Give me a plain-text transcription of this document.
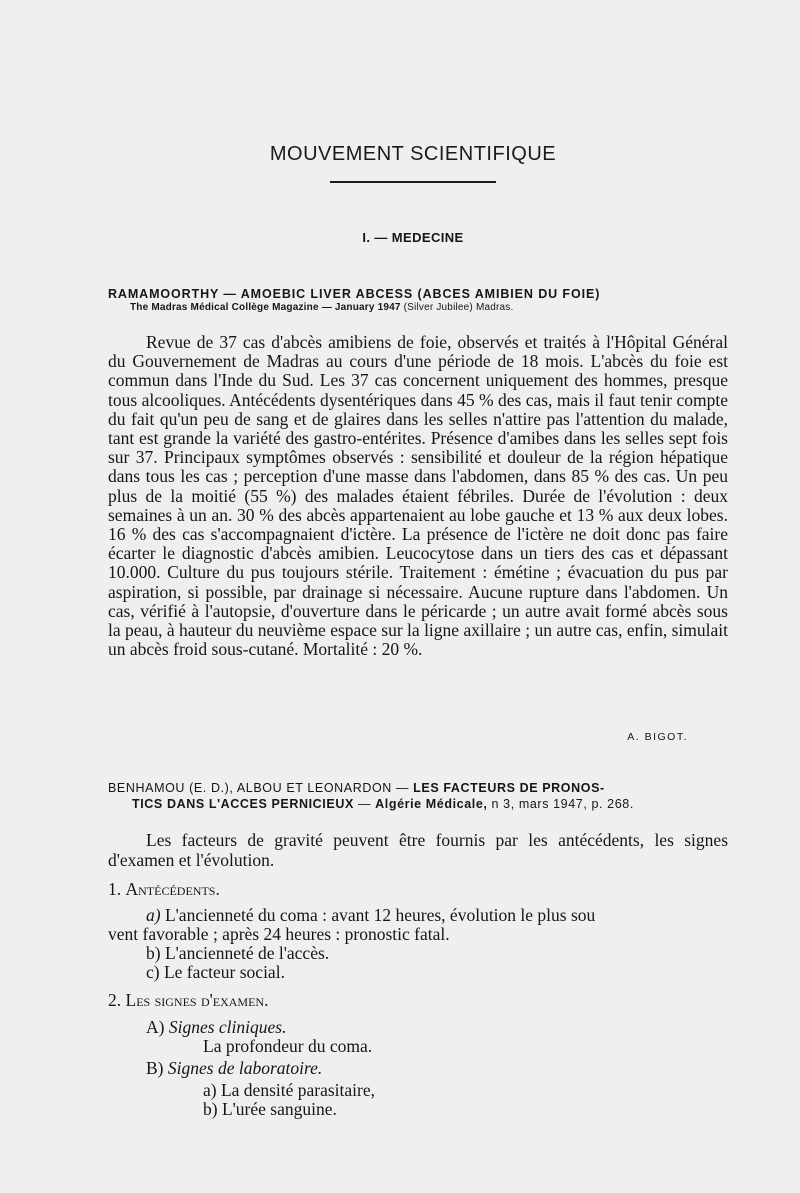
MOUVEMENT SCIENTIFIQUE
I. — MEDECINE
RAMAMOORTHY — AMOEBIC LIVER ABCESS (ABCES AMIBIEN DU FOIE)
The Madras Médical Collège Magazine — January 1947 (Silver Jubilee) Madras.
Revue de 37 cas d'abcès amibiens de foie, observés et traités à l'Hôpital Général du Gouvernement de Madras au cours d'une période de 18 mois. L'abcès du foie est commun dans l'Inde du Sud. Les 37 cas concernent uniquement des hommes, presque tous alcooliques. Antécédents dysentériques dans 45 % des cas, mais il faut tenir compte du fait qu'un peu de sang et de glaires dans les selles n'attire pas l'attention du malade, tant est grande la variété des gastro-entérites. Présence d'amibes dans les selles sept fois sur 37. Principaux symptômes observés : sensibilité et douleur de la région hépatique dans tous les cas ; perception d'une masse dans l'abdomen, dans 85 % des cas. Un peu plus de la moitié (55 %) des malades étaient fébriles. Durée de l'évolution : deux semaines à un an. 30 % des abcès appartenaient au lobe gauche et 13 % aux deux lobes. 16 % des cas s'accompagnaient d'ictère. La présence de l'ictère ne doit donc pas faire écarter le diagnostic d'abcès amibien. Leucocytose dans un tiers des cas et dépassant 10.000. Culture du pus toujours stérile. Traitement : émétine ; évacuation du pus par aspiration, si possible, par drainage si nécessaire. Aucune rupture dans l'abdomen. Un cas, vérifié à l'autopsie, d'ouverture dans le péricarde ; un autre avait formé abcès sous la peau, à hauteur du neuvième espace sur la ligne axillaire ; un autre cas, enfin, simulait un abcès froid sous-cutané. Mortalité : 20 %.
A. BIGOT.
BENHAMOU (E. D.), ALBOU ET LEONARDON — LES FACTEURS DE PRONOS-
TICS DANS L'ACCES PERNICIEUX — Algérie Médicale, n 3, mars 1947, p. 268.
Les facteurs de gravité peuvent être fournis par les antécédents, les signes d'examen et l'évolution.
1. Antécédents.
a) L'ancienneté du coma : avant 12 heures, évolution le plus sou
vent favorable ; après 24 heures : pronostic fatal.
b) L'ancienneté de l'accès.
c) Le facteur social.
2. Les signes d'examen.
A) Signes cliniques.
La profondeur du coma.
B) Signes de laboratoire.
a) La densité parasitaire,
b) L'urée sanguine.
